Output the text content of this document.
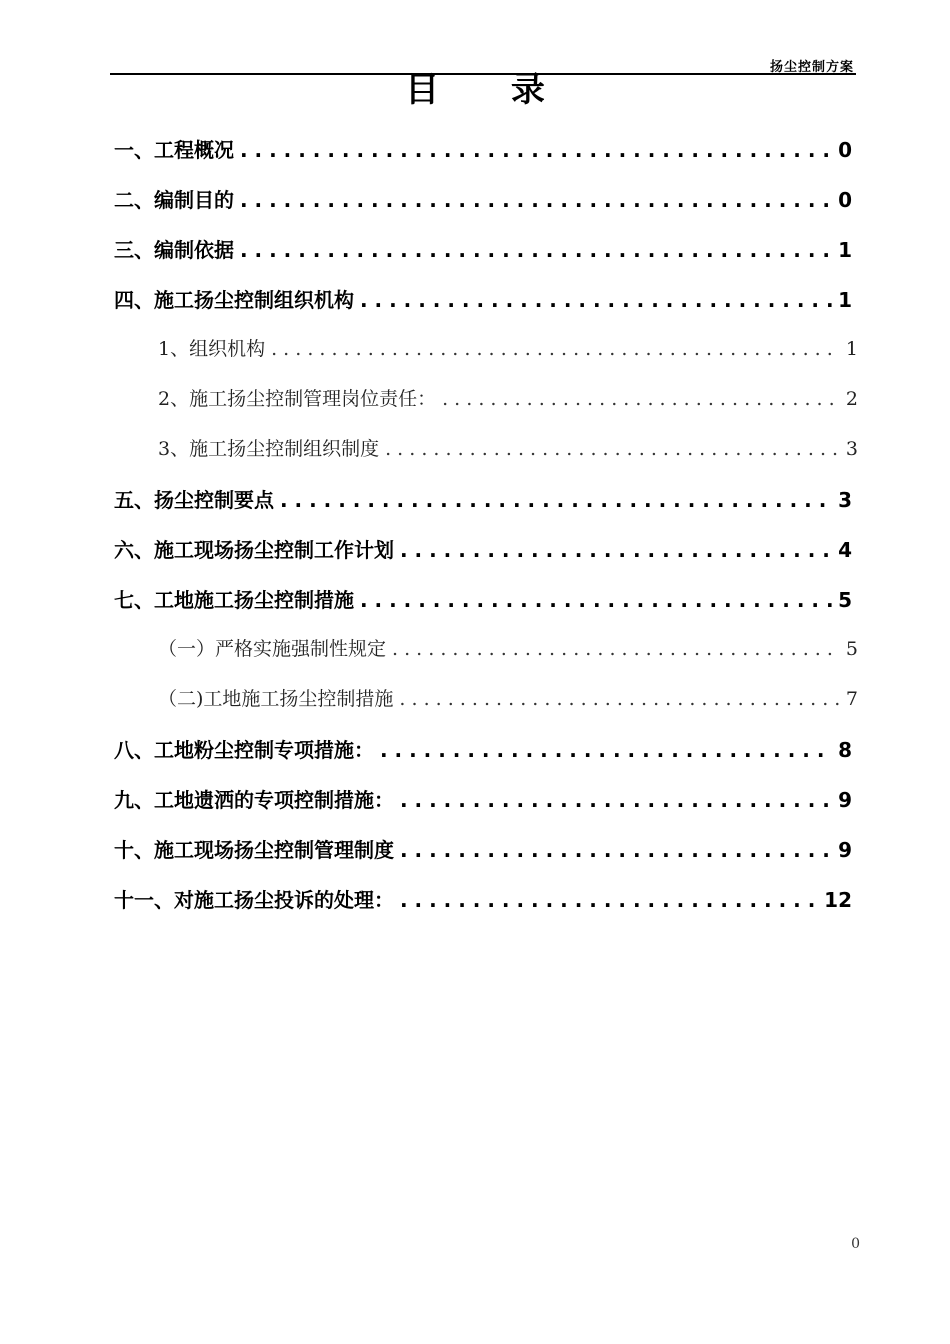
扬尘控制方案
目 录
一、工程概况 . . .	0
二、编制目的 . . .	0
三、编制依据 . . .	1
四、施工扬尘控制组织机构 . . .	1
1、组织机构 . . .	1
2、施工扬尘控制管理岗位责任： . . .	2
3、施工扬尘控制组织制度 . . .	3
五、扬尘控制要点 . . .	3
六、施工现场扬尘控制工作计划 . . .	4
七、工地施工扬尘控制措施 . . .	5
（一）严格实施强制性规定 . . .	5
（二)工地施工扬尘控制措施 . . .	7
八、工地粉尘控制专项措施： . . .	8
九、工地遗洒的专项控制措施： . . .	9
十、施工现场扬尘控制管理制度 . . .	9
十一、对施工扬尘投诉的处理： . . .	12
0
